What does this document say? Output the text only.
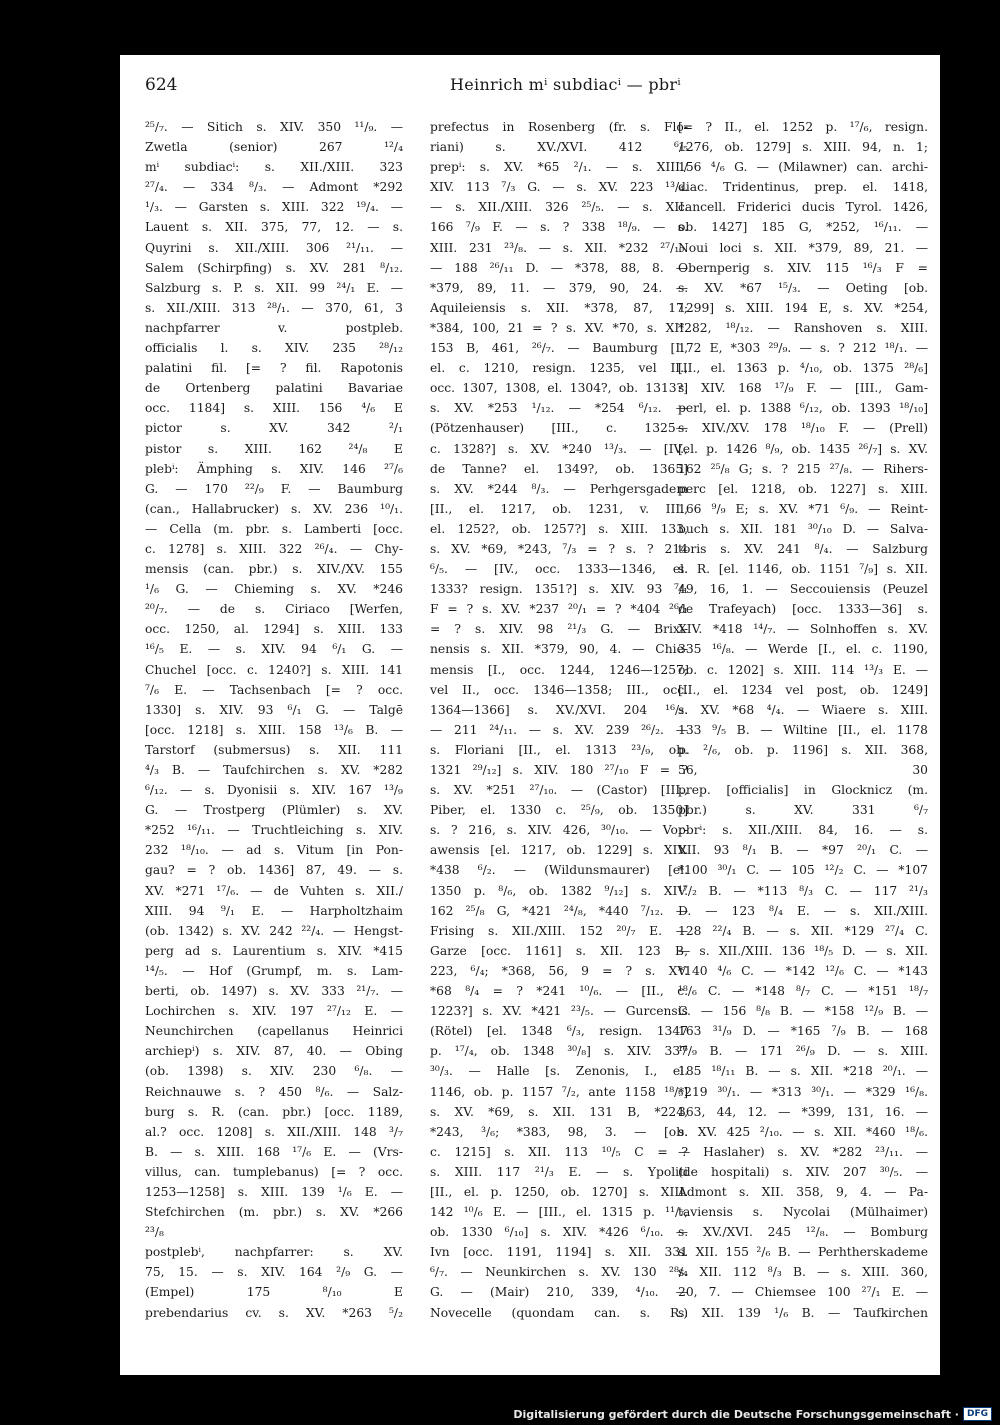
624	Heinrich mⁱ subdiacⁱ — pbrⁱ
²⁵/₇. — Sitich s. XIV. 350 ¹¹/₉. —
Zwetla (senior) 267 ¹²/₄
mⁱ subdiacⁱ: s. XII./XIII. 323
²⁷/₄. — 334 ⁸/₃. — Admont *292
¹/₃. — Garsten s. XIII. 322 ¹⁹/₄. —
Lauent s. XII. 375, 77, 12. — s.
Quyrini s. XII./XIII. 306 ²¹/₁₁. —
Salem (Schirpfing) s. XV. 281 ⁸/₁₂.
Salzburg s. P. s. XII. 99 ²⁴/₁ E. —
s. XII./XIII. 313 ²⁸/₁. — 370, 61, 3
nachpfarrer v. postpleb.
officialis l. s. XIV. 235 ²⁸/₁₂
palatini fil. [= ? fil. Rapotonis
de Ortenberg palatini Bavariae
occ. 1184] s. XIII. 156 ⁴/₆ E
pictor s. XV. 342 ²/₁
pistor s. XIII. 162 ²⁴/₈ E
plebⁱ: Ämphing s. XIV. 146 ²⁷/₆
G. — 170 ²²/₉ F. — Baumburg
(can., Hallabrucker) s. XV. 236 ¹⁰/₁.
— Cella (m. pbr. s. Lamberti [occ.
c. 1278] s. XIII. 322 ²⁶/₄. — Chy-
mensis (can. pbr.) s. XIV./XV. 155
¹/₆ G. — Chieming s. XV. *246
²⁰/₇. — de s. Ciriaco [Werfen,
occ. 1250, al. 1294] s. XIII. 133
¹⁶/₅ E. — s. XIV. 94 ⁶/₁ G. —
Chuchel [occ. c. 1240?] s. XIII. 141
⁷/₆ E. — Tachsenbach [= ? occ.
1330] s. XIV. 93 ⁶/₁ G. — Talgē
[occ. 1218] s. XIII. 158 ¹³/₆ B. —
Tarstorf (submersus) s. XII. 111
⁴/₃ B. — Taufchirchen s. XV. *282
⁶/₁₂. — s. Dyonisii s. XIV. 167 ¹³/₉
G. — Trostperg (Plümler) s. XV.
*252 ¹⁶/₁₁. — Truchtleiching s. XIV.
232 ¹⁸/₁₀. — ad s. Vitum [in Pon-
gau? = ? ob. 1436] 87, 49. — s.
XV. *271 ¹⁷/₆. — de Vuhten s. XII./
XIII. 94 ⁹/₁ E. — Harpholtzhaim
(ob. 1342) s. XV. 242 ²²/₄. — Hengst-
perg ad s. Laurentium s. XIV. *415
¹⁴/₅. — Hof (Grumpf, m. s. Lam-
berti, ob. 1497) s. XV. 333 ²¹/₇. —
Lochirchen s. XIV. 197 ²⁷/₁₂ E. —
Neunchirchen (capellanus Heinrici
archiepⁱ) s. XIV. 87, 40. — Obing
(ob. 1398) s. XIV. 230 ⁶/₈. —
Reichnauwe s. ? 450 ⁸/₆. — Salz-
burg s. R. (can. pbr.) [occ. 1189,
al.? occ. 1208] s. XII./XIII. 148 ³/₇
B. — s. XIII. 168 ¹⁷/₆ E. — (Vrs-
villus, can. tumplebanus) [= ? occ.
1253—1258] s. XIII. 139 ¹/₆ E. —
Stefchirchen (m. pbr.) s. XV. *266
²³/₈
postplebⁱ, nachpfarrer: s. XV.
75, 15. — s. XIV. 164 ²/₉ G. —
(Empel) 175 ⁸/₁₀ E
prebendarius cv. s. XV. *263 ⁵/₂
prefectus in Rosenberg (fr. s. Flo-
riani) s. XV./XVI. 412 ⁶/₅
prepⁱ: s. XV. *65 ²/₁. — s. XIII./
XIV. 113 ⁷/₃ G. — s. XV. 223 ¹³/₄.
— s. XII./XIII. 326 ²⁵/₅. — s. XII.
166 ⁷/₉ F. — s. ? 338 ¹⁸/₉. — s.
XIII. 231 ²³/₈. — s. XII. *232 ²⁷/₁₀.
— 188 ²⁶/₁₁ D. — *378, 88, 8. —
*379, 89, 11. — 379, 90, 24. —
Aquileiensis s. XII. *378, 87, 17;
*384, 100, 21 = ? s. XV. *70, s. XII.
153 B, 461, ²⁶/₇. — Baumburg [I.,
el. c. 1210, resign. 1235, vel II.,
occ. 1307, 1308, el. 1304?, ob. 1313?]
s. XV. *253 ¹/₁₂. — *254 ⁶/₁₂. —
(Pötzenhauser) [III., c. 1325—
c. 1328?] s. XV. *240 ¹³/₃. — [IV.,
de Tanne? el. 1349?, ob. 1365]
s. XV. *244 ⁸/₃. — Perhgersgadem
[II., el. 1217, ob. 1231, v. III.,
el. 1252?, ob. 1257?] s. XIII. 133,
s. XV. *69, *243, ⁷/₃ = ? s. ? 214
⁶/₅. — [IV., occ. 1333—1346, el.
1333? resign. 1351?] s. XIV. 93 ⁷/₁
F = ? s. XV. *237 ²⁰/₁ = ? *404 ²⁶/₁
= ? s. XIV. 98 ²¹/₃ G. — Brixi-
nensis s. XII. *379, 90, 4. — Chie-
mensis [I., occ. 1244, 1246—1257;
vel II., occ. 1346—1358; III., occ.
1364—1366] s. XV./XVI. 204 ¹⁶/₂.
— 211 ²⁴/₁₁. — s. XV. 239 ²⁶/₂. —
s. Floriani [II., el. 1313 ²³/₉, ob.
1321 ²⁹/₁₂] s. XIV. 180 ²⁷/₁₀ F = ?
s. XV. *251 ²⁷/₁₀. — (Castor) [III.,
Piber, el. 1330 c. ²⁵/₉, ob. 1350]
s. ? 216, s. XIV. 426, ³⁰/₁₀. — Vor-
awensis [el. 1217, ob. 1229] s. XIV.
*438 ⁶/₂. — (Wildunsmaurer) [el.
1350 p. ⁸/₆, ob. 1382 ⁹/₁₂] s. XIV.
162 ²⁵/₈ G, *421 ²⁴/₈, *440 ⁷/₁₂. —
Frising s. XII./XIII. 152 ²⁰/₇ E. —
Garze [occ. 1161] s. XII. 123 B,
223, ⁶/₄; *368, 56, 9 = ? s. XV.
*68 ⁸/₄ = ? *241 ¹⁰/₆. — [II., c.
1223?] s. XV. *421 ²³/₅. — Gurcensis
(Rötel) [el. 1348 ⁶/₃, resign. 1347
p. ¹⁷/₄, ob. 1348 ³⁰/₈] s. XIV. 337
³⁰/₃. — Halle [s. Zenonis, I., el.
1146, ob. p. 1157 ⁷/₂, ante 1158 ¹⁸/₉]
s. XV. *69, s. XII. 131 B, *224,
*243, ³/₆; *383, 98, 3. — [ob.
c. 1215] s. XII. 113 ¹⁰/₅ C = ?
s. XIII. 117 ²¹/₃ E. — s. Ypoliti
[II., el. p. 1250, ob. 1270] s. XIII.
142 ¹⁰/₆ E. — [III., el. 1315 p. ¹¹/₇,
ob. 1330 ⁶/₁₀] s. XIV. *426 ⁶/₁₀. —
Ivn [occ. 1191, 1194] s. XII. 331
⁶/₇. — Neunkirchen s. XV. 130 ²⁸/₄
G. — (Mair) 210, 339, ⁴/₁₀. —
Novecelle (quondam can. s. R.)
[= ? II., el. 1252 p. ¹⁷/₆, resign.
1276, ob. 1279] s. XIII. 94, n. 1;
156 ⁴/₆ G. — (Milawner) can. archi-
diac. Tridentinus, prep. el. 1418,
cancell. Friderici ducis Tyrol. 1426,
ob. 1427] 185 G, *252, ¹⁶/₁₁. —
Noui loci s. XII. *379, 89, 21. —
Obernperig s. XIV. 115 ¹⁶/₃ F =
s. XV. *67 ¹⁵/₃. — Oeting [ob.
1299] s. XIII. 194 E, s. XV. *254,
*282, ¹⁸/₁₂. — Ranshoven s. XIII.
172 E, *303 ²⁹/₉. — s. ? 212 ¹⁸/₁. —
[II., el. 1363 p. ⁴/₁₀, ob. 1375 ²⁸/₆]
s. XIV. 168 ¹⁷/₉ F. — [III., Gam-
perl, el. p. 1388 ⁶/₁₂, ob. 1393 ¹⁸/₁₀]
s. XIV./XV. 178 ¹⁸/₁₀ F. — (Prell)
[el. p. 1426 ⁸/₉, ob. 1435 ²⁶/₇] s. XV.
162 ²⁵/₈ G; s. ? 215 ²⁷/₈. — Rihers-
perc [el. 1218, ob. 1227] s. XIII.
166 ⁹/₉ E; s. XV. *71 ⁶/₉. — Reint-
buch s. XII. 181 ³⁰/₁₀ D. — Salva-
toris s. XV. 241 ⁸/₄. — Salzburg
s. R. [el. 1146, ob. 1151 ⁷/₉] s. XII.
49, 16, 1. — Seccouiensis (Peuzel
de Trafeyach) [occ. 1333—36] s.
XIV. *418 ¹⁴/₇. — Solnhoffen s. XV.
335 ¹⁶/₈. — Werde [I., el. c. 1190,
ob. c. 1202] s. XIII. 114 ¹³/₃ E. —
[II., el. 1234 vel post, ob. 1249]
s. XV. *68 ⁴/₄. — Wiaere s. XIII.
133 ⁹/₅ B. — Wiltine [II., el. 1178
p. ²/₆, ob. p. 1196] s. XII. 368,
56, 30
prep. [officialis] in Glocknicz (m.
pbr.) s. XV. 331 ⁶/₇
pbrⁱ: s. XII./XIII. 84, 16. — s.
XII. 93 ⁸/₁ B. — *97 ²⁰/₁ C. —
*100 ³⁰/₁ C. — 105 ¹²/₂ C. — *107
¹⁷/₂ B. — *113 ⁸/₃ C. — 117 ²¹/₃
D. — 123 ⁸/₄ E. — s. XII./XIII.
128 ²²/₄ B. — s. XII. *129 ²⁷/₄ C.
— s. XII./XIII. 136 ¹⁸/₅ D. — s. XII.
*140 ⁴/₆ C. — *142 ¹²/₆ C. — *143
¹⁸/₆ C. — *148 ⁸/₇ C. — *151 ¹⁸/₇
C. — 156 ⁸/₈ B. — *158 ¹²/₉ B. —
163 ³¹/₉ D. — *165 ⁷/₉ B. — 168
¹⁶/₉ B. — 171 ²⁶/₉ D. — s. XIII.
185 ¹⁸/₁₁ B. — s. XII. *218 ²⁰/₁. —
*219 ³⁰/₁. — *313 ³⁰/₁. — *329 ¹⁶/₈.
363, 44, 12. — *399, 131, 16. —
s. XV. 425 ²/₁₀. — s. XII. *460 ¹⁸/₆.
— Haslaher) s. XV. *282 ²³/₁₁. —
(de hospitali) s. XIV. 207 ³⁰/₅. —
Admont s. XII. 358, 9, 4. — Pa-
taviensis s. Nycolai (Mülhaimer)
s. XV./XVI. 245 ¹²/₈. — Bomburg
s. XII. 155 ²/₆ B. — Perhtherskademe
s. XII. 112 ⁸/₃ B. — s. XIII. 360,
20, 7. — Chiemsee 100 ²⁷/₁ E. —
s. XII. 139 ¹/₆ B. — Taufkirchen
Digitalisierung gefördert durch die Deutsche Forschungsgemeinschaft · DFG
